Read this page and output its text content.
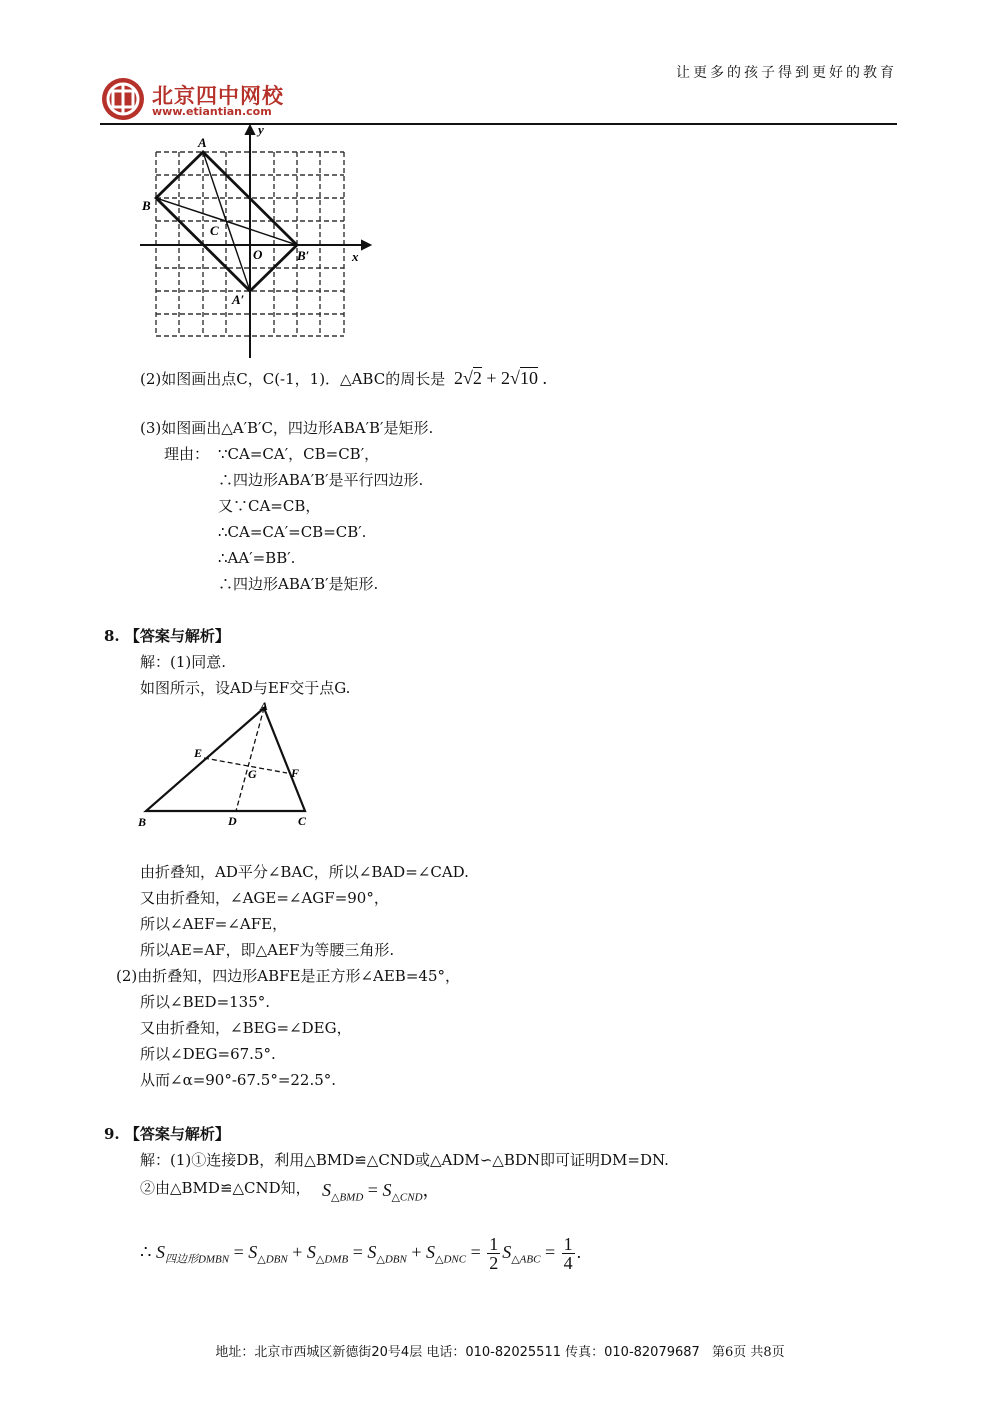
北京四中网校
www.etiantian.com
让更多的孩子得到更好的教育
A
B
C
O	B′
A′
x
y
(2)如图画出点C，C(-1，1)．△ABC的周长是 2√2 + 2√10 .
(3)如图画出△A′B′C，四边形ABA′B′是矩形.
理由： ∵CA=CA′，CB=CB′，
∴四边形ABA′B′是平行四边形.
又∵CA=CB，
∴CA=CA′=CB=CB′.
∴AA′=BB′.
∴四边形ABA′B′是矩形.
8. 【答案与解析】
解：(1)同意.
如图所示，设AD与EF交于点G.
A
B	C
D
E
F
G
由折叠知，AD平分∠BAC，所以∠BAD=∠CAD.
又由折叠知，∠AGE=∠AGF=90°，
所以∠AEF=∠AFE，
所以AE=AF，即△AEF为等腰三角形.
(2)由折叠知，四边形ABFE是正方形∠AEB=45°，
所以∠BED=135°.
又由折叠知，∠BEG=∠DEG，
所以∠DEG=67.5°.
从而∠α=90°-67.5°=22.5°.
9. 【答案与解析】
解：(1)①连接DB，利用△BMD≌△CND或△ADM∽△BDN即可证明DM=DN.
②由△BMD≌△CND知， $S_{\triangle BMD} = S_{\triangle CND}$，
∴ $S_{四边形DMBN} = S_{\triangle DBN} + S_{\triangle DMB} = S_{\triangle DBN} + S_{\triangle DNC} = \frac{1}{2} S_{\triangle ABC} = \frac{1}{4}$ .
地址：北京市西城区新德街20号4层 电话：010-82025511 传真：010-82079687 第6页 共8页
